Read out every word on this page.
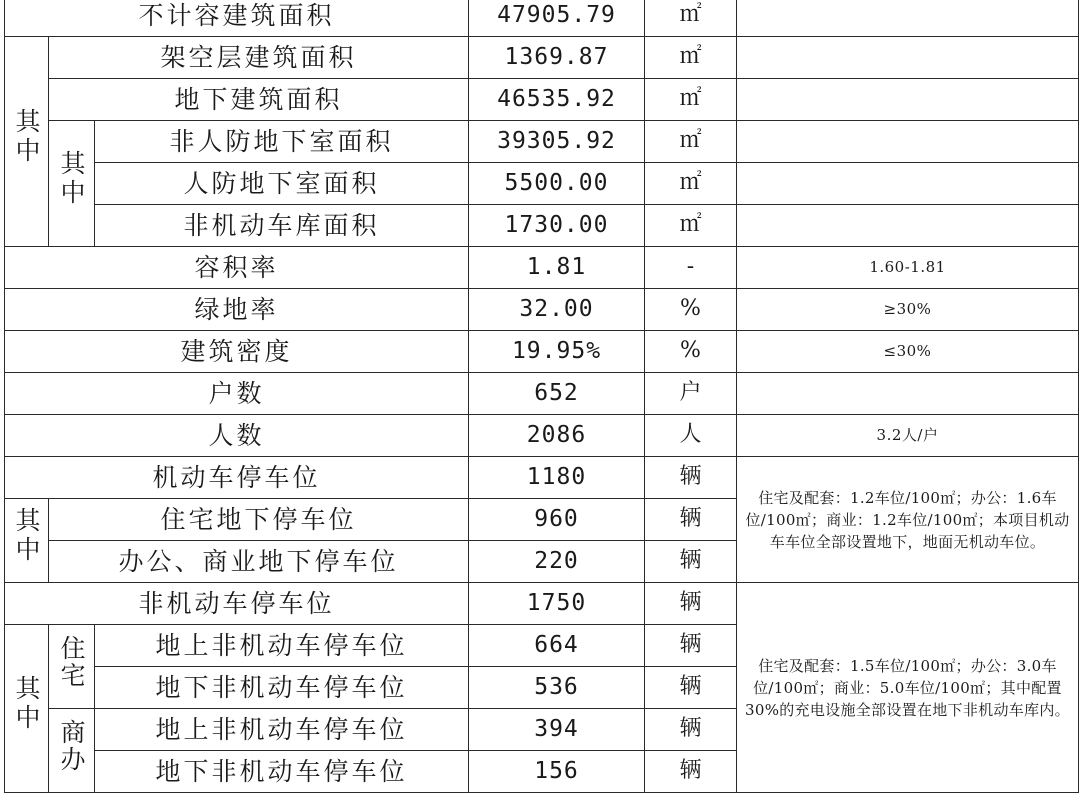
不计容建筑面积			47905.79	㎡	
其中	架空层建筑面积		1369.87	㎡	
	地下建筑面积		46535.92	㎡	
	其中	非人防地下室面积	39305.92	㎡	
		人防地下室面积	5500.00	㎡	
		非机动车库面积	1730.00	㎡	
容积率			1.81	-	1.60-1.81
绿地率			32.00	%	≥30%
建筑密度			19.95%	%	≤30%
户数			652	户	
人数			2086	人	3.2人/户
机动车停车位			1180	辆	住宅及配套：1.2车位/100㎡；办公：1.6车位/100㎡；商业：1.2车位/100㎡；本项目机动车车位全部设置地下，地面无机动车位。
其中	住宅地下停车位		960	辆	
	办公、商业地下停车位		220	辆	
非机动车停车位			1750	辆	住宅及配套：1.5车位/100㎡；办公：3.0车位/100㎡；商业：5.0车位/100㎡；其中配置30%的充电设施全部设置在地下非机动车库内。
其中	住宅	地上非机动车停车位	664	辆	
		地下非机动车停车位	536	辆	
	商办	地上非机动车停车位	394	辆	
		地下非机动车停车位	156	辆	
